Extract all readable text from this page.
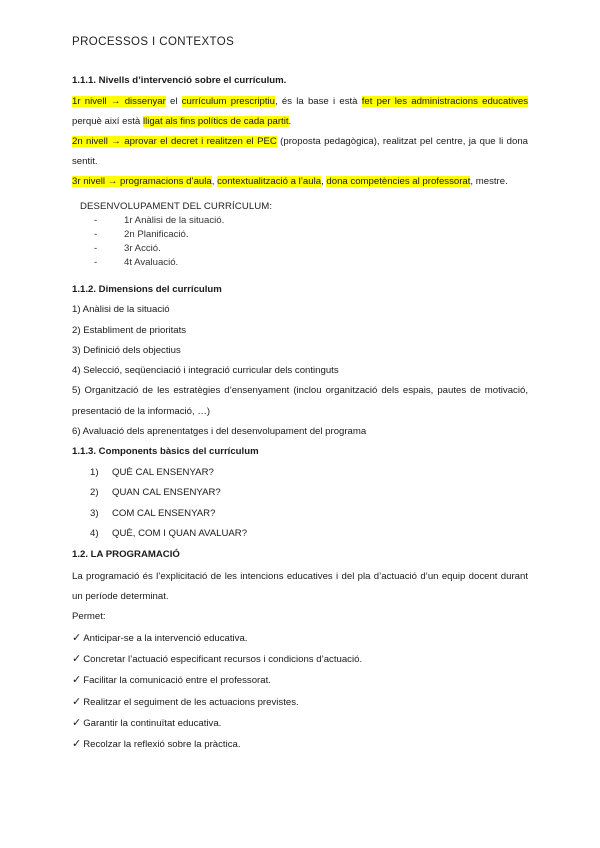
PROCESSOS I CONTEXTOS
1.1.1. Nivells d’intervenció sobre el currículum.

1r nivell → dissenyar el currículum prescriptiu, és la base i està fet per les administracions educatives perquè així està lligat als fins polítics de cada partit.

2n nivell → aprovar el decret i realitzen el PEC (proposta pedagògica), realitzat pel centre, ja que li dona sentit.

3r nivell → programacions d’aula, contextualització a l’aula, dona competències al professorat, mestre.

DESENVOLUPAMENT DEL CURRÍCULUM:
-	1r Anàlisi de la situació.
-	2n Planificació.
-	3r Acció.
-	4t Avaluació.
1.1.2. Dimensions del currículum
1) Anàlisi de la situació
2) Establiment de prioritats
3) Definició dels objectius
4) Selecció, seqüenciació i integració curricular dels continguts
5) Organització de les estratègies d’ensenyament (inclou organització dels espais, pautes de motivació, presentació de la informació, …)
6) Avaluació dels aprenentatges i del desenvolupament del programa
1.1.3. Components bàsics del currículum
1)	QUÈ CAL ENSENYAR?
2)	QUAN CAL ENSENYAR?
3)	COM CAL ENSENYAR?
4)	QUÈ, COM I QUAN AVALUAR?
1.2. LA PROGRAMACIÓ

La programació és l’explicitació de les intencions educatives i del pla d’actuació d’un equip docent durant un període determinat.

Permet:
✓ Anticipar-se a la intervenció educativa.
✓ Concretar l’actuació especificant recursos i condicions d’actuació.
✓ Facilitar la comunicació entre el professorat.
✓ Realitzar el seguiment de les actuacions previstes.
✓ Garantir la continuïtat educativa.
✓ Recolzar la reflexió sobre la pràctica.
